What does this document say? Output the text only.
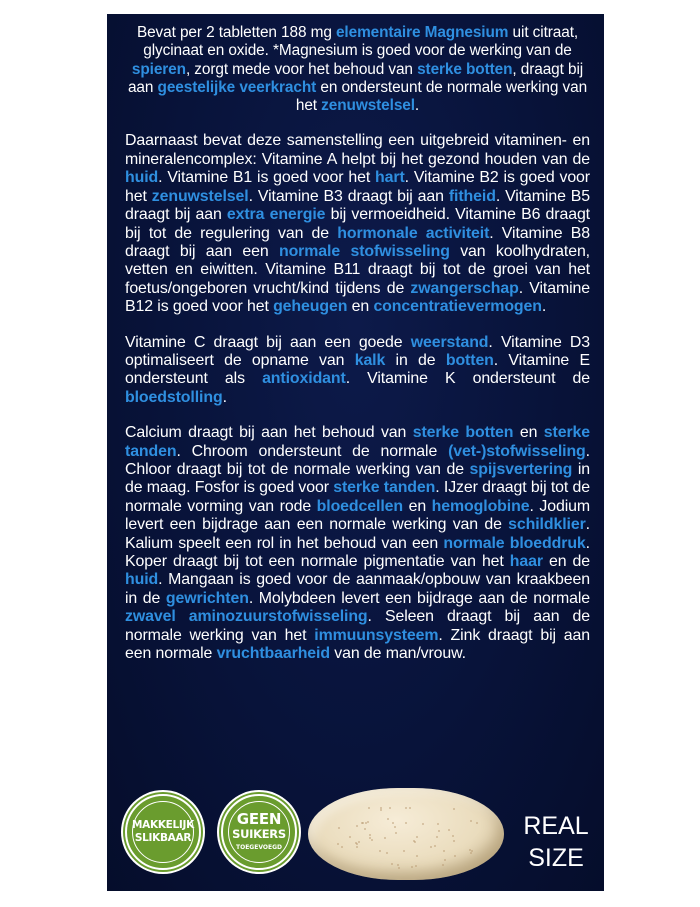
Bevat per 2 tabletten 188 mg elementaire Magnesium uit citraat, glycinaat en oxide. *Magnesium is goed voor de werking van de spieren, zorgt mede voor het behoud van sterke botten, draagt bij aan geestelijke veerkracht en ondersteunt de normale werking van het zenuwstelsel.

Daarnaast bevat deze samenstelling een uitgebreid vitaminen- en mineralencomplex: Vitamine A helpt bij het gezond houden van de huid. Vitamine B1 is goed voor het hart. Vitamine B2 is goed voor het zenuwstelsel. Vitamine B3 draagt bij aan fitheid. Vitamine B5 draagt bij aan extra energie bij vermoeidheid. Vitamine B6 draagt bij tot de regulering van de hormonale activiteit. Vitamine B8 draagt bij aan een normale stofwisseling van koolhydraten, vetten en eiwitten. Vitamine B11 draagt bij tot de groei van het foetus/ongeboren vrucht/kind tijdens de zwangerschap. Vitamine B12 is goed voor het geheugen en concentratievermogen.

Vitamine C draagt bij aan een goede weerstand. Vitamine D3 optimaliseert de opname van kalk in de botten. Vitamine E ondersteunt als antioxidant. Vitamine K ondersteunt de bloedstolling.

Calcium draagt bij aan het behoud van sterke botten en sterke tanden. Chroom ondersteunt de normale (vet-)stofwisseling. Chloor draagt bij tot de normale werking van de spijsvertering in de maag. Fosfor is goed voor sterke tanden. IJzer draagt bij tot de normale vorming van rode bloedcellen en hemoglobine. Jodium levert een bijdrage aan een normale werking van de schildklier. Kalium speelt een rol in het behoud van een normale bloeddruk. Koper draagt bij tot een normale pigmentatie van het haar en de huid. Mangaan is goed voor de aanmaak/opbouw van kraakbeen in de gewrichten. Molybdeen levert een bijdrage aan de normale zwavel aminozuurstofwisseling. Seleen draagt bij aan de normale werking van het immuunsysteem. Zink draagt bij aan een normale vruchtbaarheid van de man/vrouw.

MAKKELIJK
SLIKBAAR
GEEN
SUIKERS
TOEGEVOEGD
REAL
SIZE
